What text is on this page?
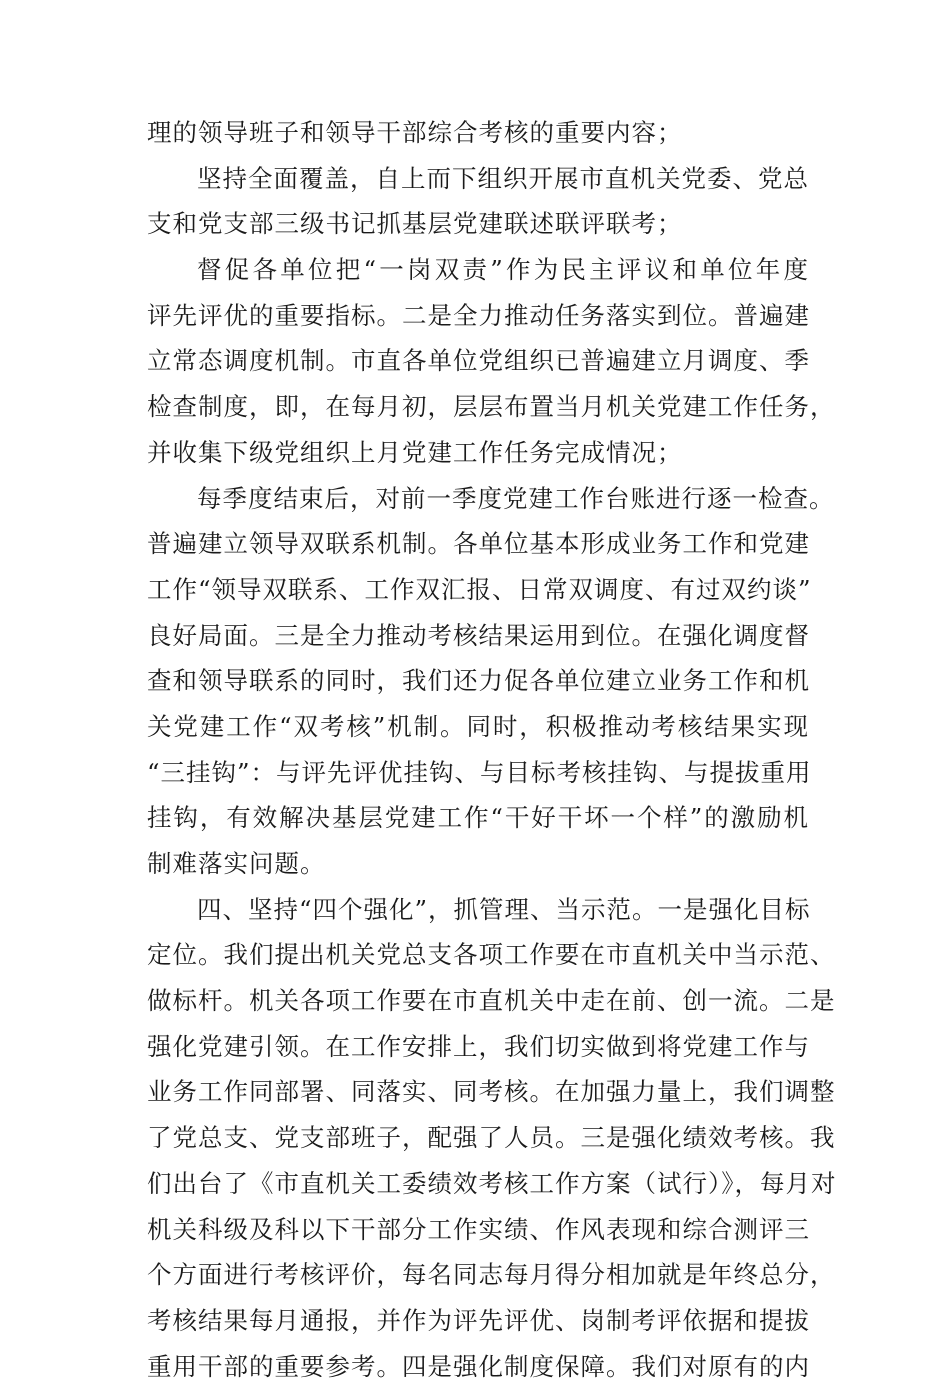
理的领导班子和领导干部综合考核的重要内容；
坚持全面覆盖，自上而下组织开展市直机关党委、党总
支和党支部三级书记抓基层党建联述联评联考；
督促各单位把“一岗双责”作为民主评议和单位年度
评先评优的重要指标。二是全力推动任务落实到位。普遍建
立常态调度机制。市直各单位党组织已普遍建立月调度、季
检查制度，即，在每月初，层层布置当月机关党建工作任务，
并收集下级党组织上月党建工作任务完成情况；
每季度结束后，对前一季度党建工作台账进行逐一检查。
普遍建立领导双联系机制。各单位基本形成业务工作和党建
工作“领导双联系、工作双汇报、日常双调度、有过双约谈”
良好局面。三是全力推动考核结果运用到位。在强化调度督
查和领导联系的同时，我们还力促各单位建立业务工作和机
关党建工作“双考核”机制。同时，积极推动考核结果实现
“三挂钩”：与评先评优挂钩、与目标考核挂钩、与提拔重用
挂钩，有效解决基层党建工作“干好干坏一个样”的激励机
制难落实问题。
四、坚持“四个强化”，抓管理、当示范。一是强化目标
定位。我们提出机关党总支各项工作要在市直机关中当示范、
做标杆。机关各项工作要在市直机关中走在前、创一流。二是
强化党建引领。在工作安排上，我们切实做到将党建工作与
业务工作同部署、同落实、同考核。在加强力量上，我们调整
了党总支、党支部班子，配强了人员。三是强化绩效考核。我
们出台了《市直机关工委绩效考核工作方案（试行）》，每月对
机关科级及科以下干部分工作实绩、作风表现和综合测评三
个方面进行考核评价，每名同志每月得分相加就是年终总分，
考核结果每月通报，并作为评先评优、岗制考评依据和提拔
重用干部的重要参考。四是强化制度保障。我们对原有的内
